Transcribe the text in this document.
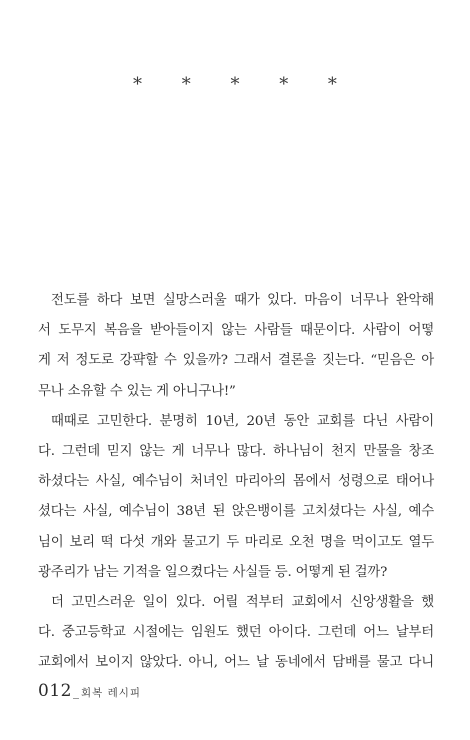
* * * * *
전도를 하다 보면 실망스러울 때가 있다. 마음이 너무나 완악해
서 도무지 복음을 받아들이지 않는 사람들 때문이다. 사람이 어떻
게 저 정도로 강퍅할 수 있을까? 그래서 결론을 짓는다. “믿음은 아
무나 소유할 수 있는 게 아니구나!”
때때로 고민한다. 분명히 10년, 20년 동안 교회를 다닌 사람이
다. 그런데 믿지 않는 게 너무나 많다. 하나님이 천지 만물을 창조
하셨다는 사실, 예수님이 처녀인 마리아의 몸에서 성령으로 태어나
셨다는 사실, 예수님이 38년 된 앉은뱅이를 고치셨다는 사실, 예수
님이 보리 떡 다섯 개와 물고기 두 마리로 오천 명을 먹이고도 열두
광주리가 남는 기적을 일으켰다는 사실들 등. 어떻게 된 걸까?
더 고민스러운 일이 있다. 어릴 적부터 교회에서 신앙생활을 했
다. 중고등학교 시절에는 임원도 했던 아이다. 그런데 어느 날부터
교회에서 보이지 않았다. 아니, 어느 날 동네에서 담배를 물고 다니
012 _ 회복 레시피
